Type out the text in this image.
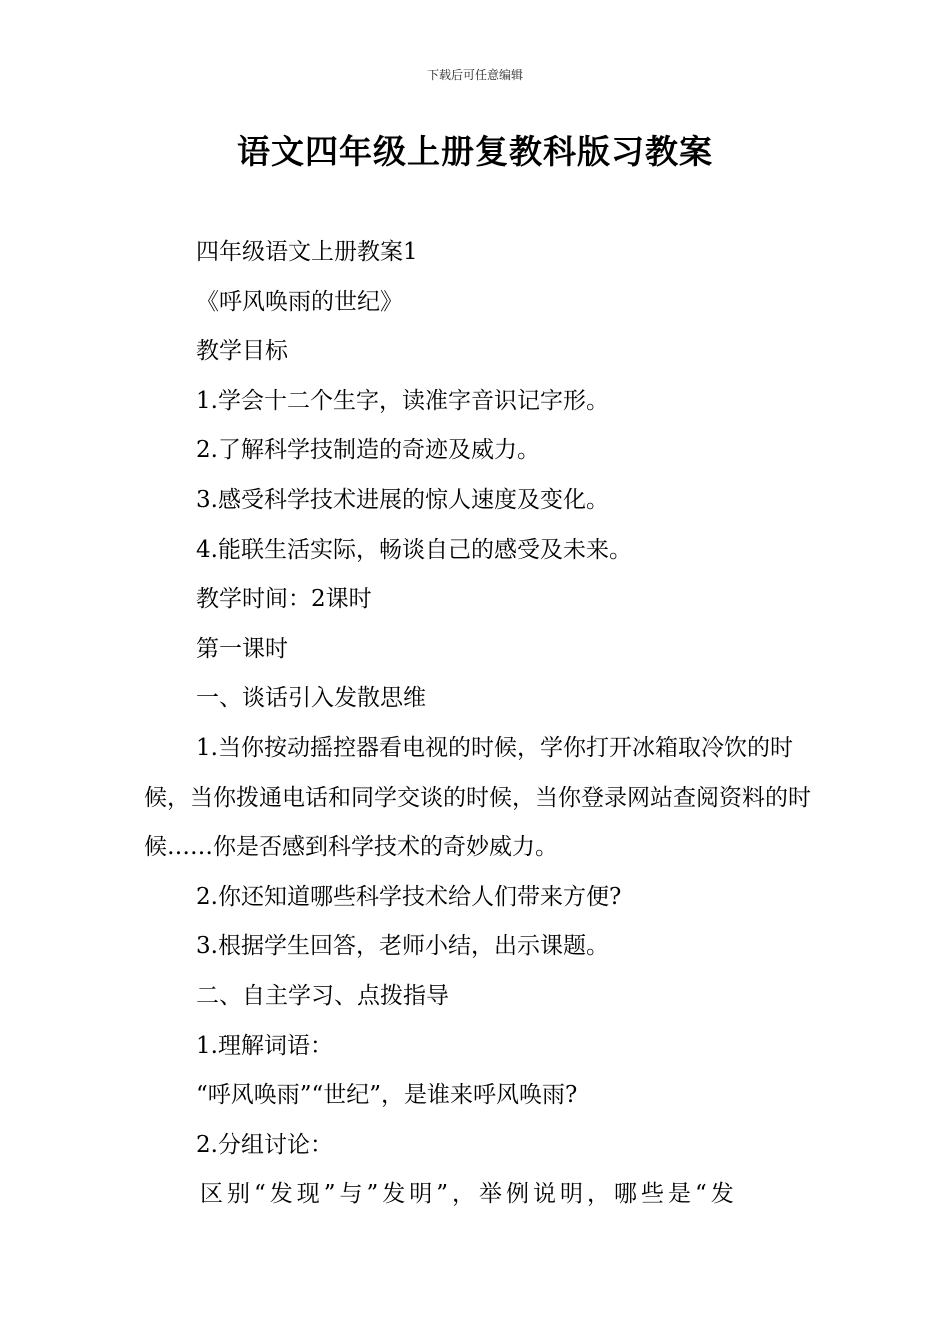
下载后可任意编辑
语文四年级上册复教科版习教案

四年级语文上册教案1

《呼风唤雨的世纪》

教学目标

1.学会十二个生字，读准字音识记字形。

2.了解科学技制造的奇迹及威力。

3.感受科学技术进展的惊人速度及变化。

4.能联生活实际，畅谈自己的感受及未来。

教学时间：2课时

第一课时

一、谈话引入发散思维

1.当你按动摇控器看电视的时候，学你打开冰箱取冷饮的时候，当你拨通电话和同学交谈的时候，当你登录网站查阅资料的时候……你是否感到科学技术的奇妙威力。

2.你还知道哪些科学技术给人们带来方便?

3.根据学生回答，老师小结，出示课题。

二、自主学习、点拨指导

1.理解词语：

“呼风唤雨”“世纪”，是谁来呼风唤雨?

2.分组讨论：

区别“发现”与”发明”，举例说明，哪些是“发
